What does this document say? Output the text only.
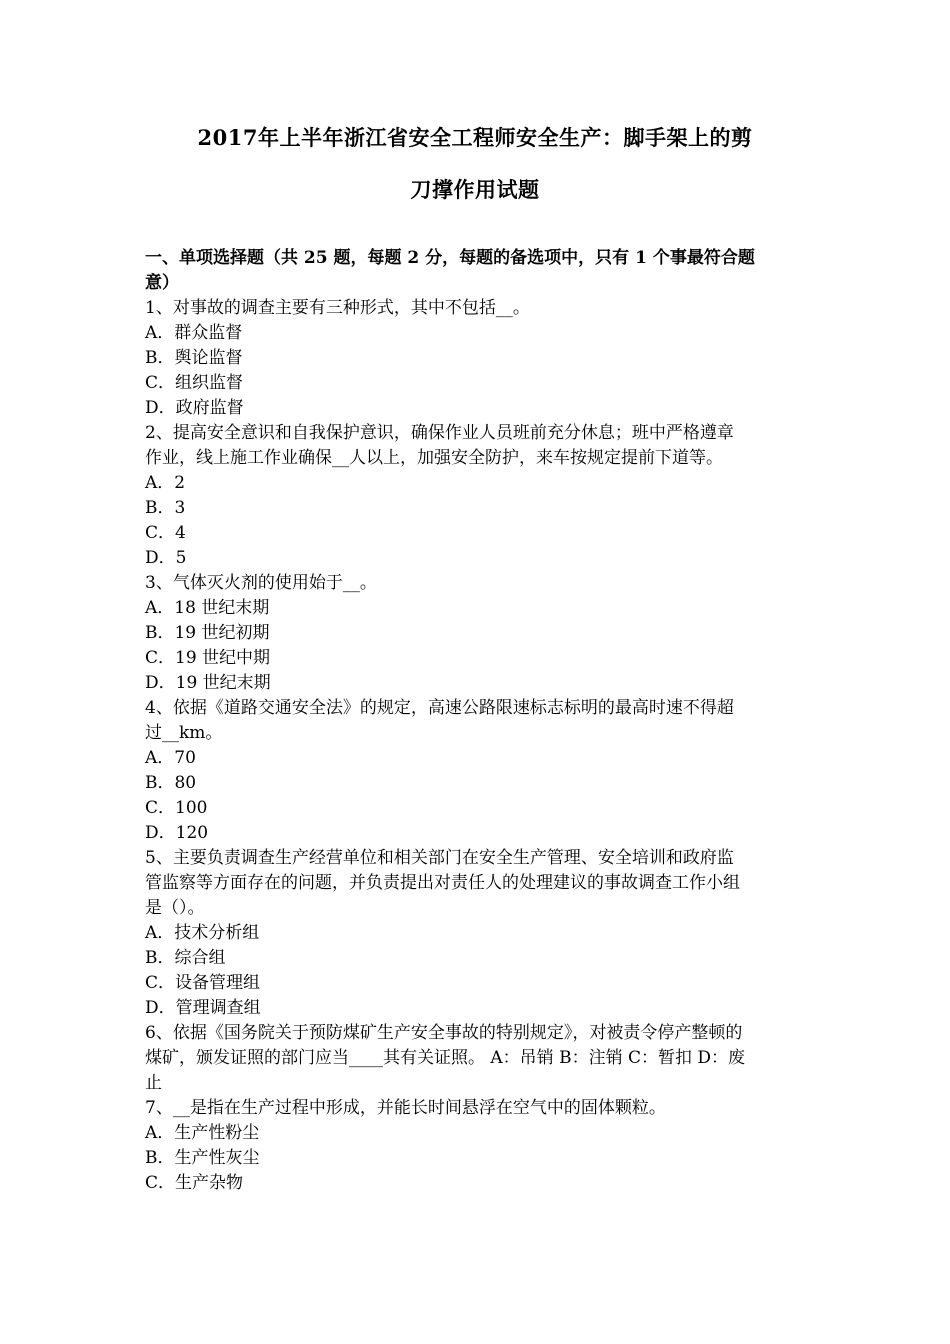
2017年上半年浙江省安全工程师安全生产：脚手架上的剪
刀撑作用试题

一、单项选择题（共 25 题，每题 2 分，每题的备选项中，只有 1 个事最符合题

意）

1、对事故的调查主要有三种形式，其中不包括__。

A．群众监督

B．舆论监督

C．组织监督

D．政府监督

2、提高安全意识和自我保护意识，确保作业人员班前充分休息；班中严格遵章

作业，线上施工作业确保__人以上，加强安全防护，来车按规定提前下道等。

A．2

B．3

C．4

D．5

3、气体灭火剂的使用始于__。

A．18 世纪末期

B．19 世纪初期

C．19 世纪中期

D．19 世纪末期

4、依据《道路交通安全法》的规定，高速公路限速标志标明的最高时速不得超

过__km。

A．70

B．80

C．100

D．120

5、主要负责调查生产经营单位和相关部门在安全生产管理、安全培训和政府监

管监察等方面存在的问题，并负责提出对责任人的处理建议的事故调查工作小组

是（）。

A．技术分析组

B．综合组

C．设备管理组

D．管理调查组

6、依据《国务院关于预防煤矿生产安全事故的特别规定》，对被责令停产整顿的

煤矿，颁发证照的部门应当____其有关证照。 A：吊销 B：注销 C：暂扣 D：废

止

7、__是指在生产过程中形成，并能长时间悬浮在空气中的固体颗粒。

A．生产性粉尘

B．生产性灰尘

C．生产杂物
